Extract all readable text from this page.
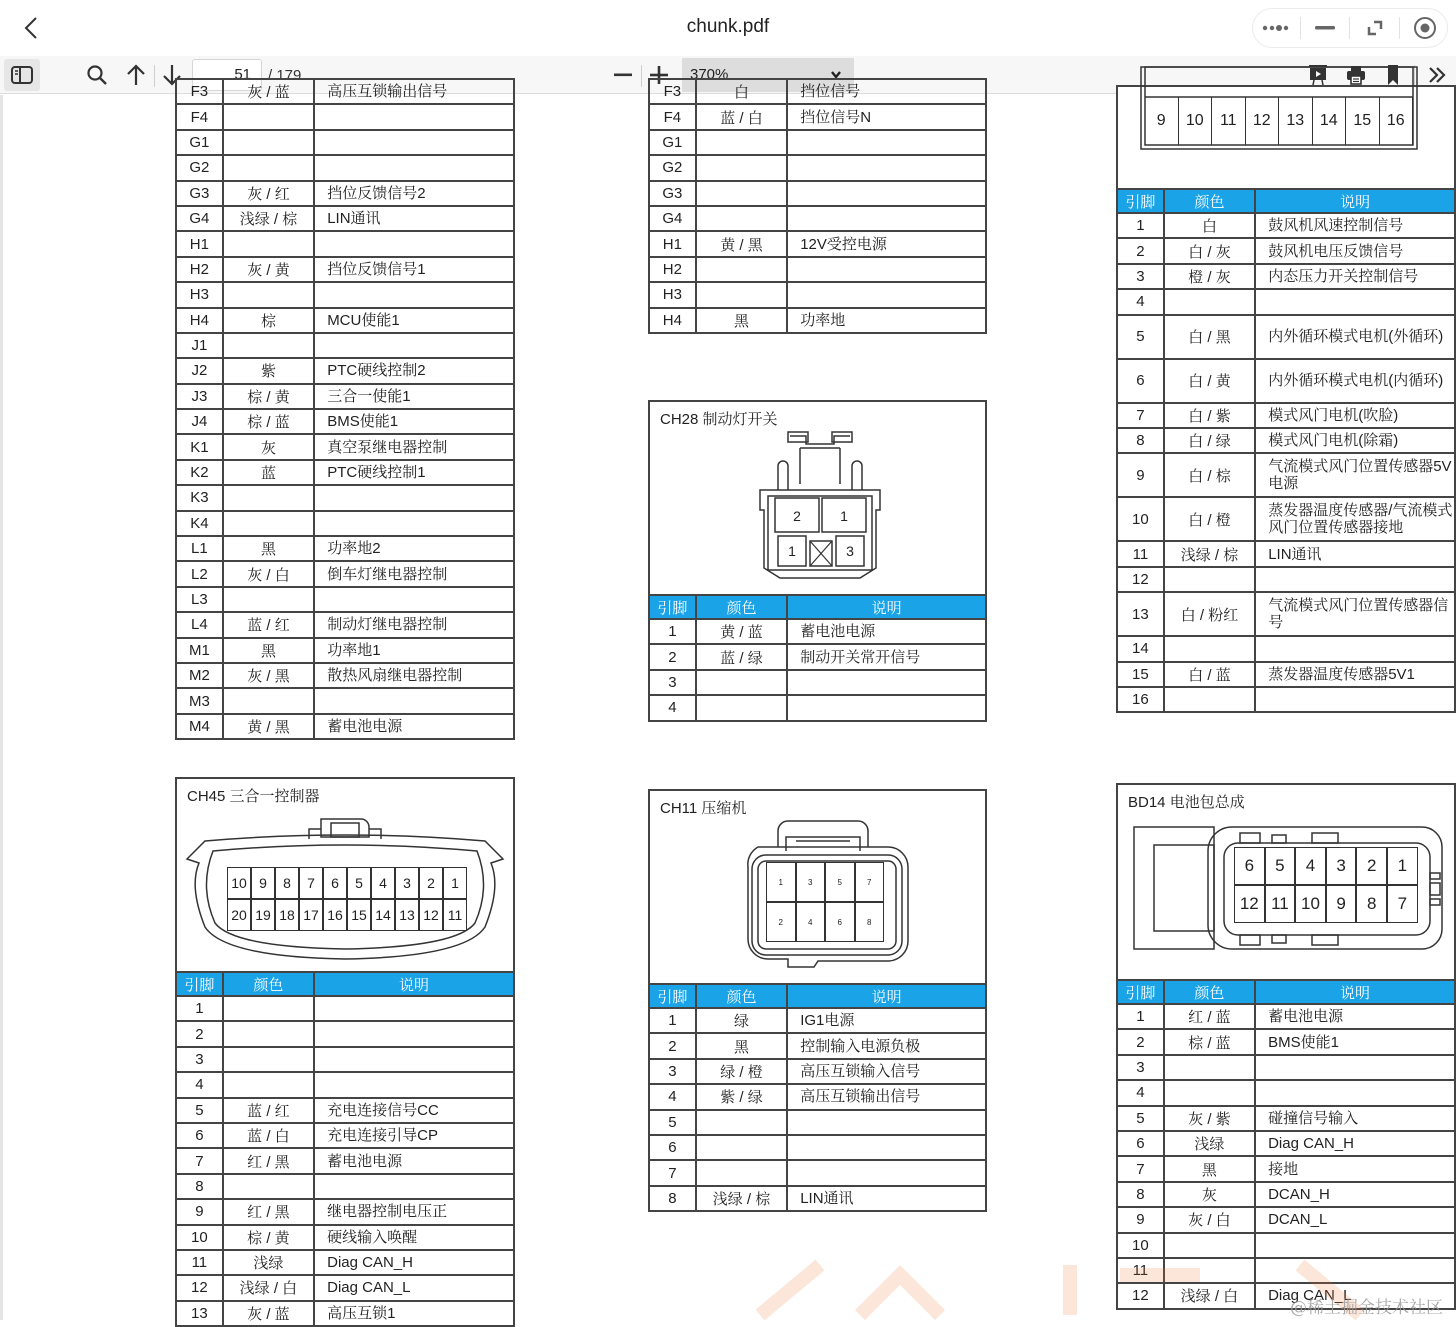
chunk.pdf
51	/ 179	370%
F3	灰 / 蓝	高压互锁输出信号
F4		
G1		
G2		
G3	灰 / 红	挡位反馈信号2
G4	浅绿 / 棕	LIN通讯
H1		
H2	灰 / 黄	挡位反馈信号1
H3		
H4	棕	MCU使能1
J1		
J2	紫	PTC硬线控制2
J3	棕 / 黄	三合一使能1
J4	棕 / 蓝	BMS使能1
K1	灰	真空泵继电器控制
K2	蓝	PTC硬线控制1
K3		
K4		
L1	黑	功率地2
L2	灰 / 白	倒车灯继电器控制
L3		
L4	蓝 / 红	制动灯继电器控制
M1	黑	功率地1
M2	灰 / 黑	散热风扇继电器控制
M3		
M4	黄 / 黑	蓄电池电源
F3	白	挡位信号
F4	蓝 / 白	挡位信号N
G1		
G2		
G3		
G4		
H1	黄 / 黑	12V受控电源
H2		
H3		
H4	黑	功率地
9	10	11	12 13 14 15 16
引脚	颜色	说明
1	白	鼓风机风速控制信号
2	白 / 灰	鼓风机电压反馈信号
3	橙 / 灰	内态压力开关控制信号
4		
5	白 / 黑	内外循环模式电机(外循环)
6	白 / 黄	内外循环模式电机(内循环)
7	白 / 紫	模式风门电机(吹脸)
8	白 / 绿	模式风门电机(除霜)
9	白 / 棕	气流模式风门位置传感器5V电源
10	白 / 橙	蒸发器温度传感器/气流模式风门位置传感器接地
11	浅绿 / 棕	LIN通讯
12		
13	白 / 粉红	气流模式风门位置传感器信号
14		
15	白 / 蓝	蒸发器温度传感器5V1
16		
CH28 制动灯开关
2	1
1	3
引脚	颜色	说明
1	黄 / 蓝	蓄电池电源
2	蓝 / 绿	制动开关常开信号
3		
4		
CH45 三合一控制器
10 9	8	7	6	5	4	3	2	1
20 19 18 17 16 15 14 13 12 11
引脚	颜色	说明
1		
2		
3		
4		
5	蓝 / 红	充电连接信号CC
6	蓝 / 白	充电连接引导CP
7	红 / 黑	蓄电池电源
8		
9	红 / 黑	继电器控制电压正
10	棕 / 黄	硬线输入唤醒
11	浅绿	Diag CAN_H
12	浅绿 / 白	Diag CAN_L
13	灰 / 蓝	高压互锁1
CH11 压缩机
1	3	5	7
2	4	6	8
引脚	颜色	说明
1	绿	IG1电源
2	黑	控制输入电源负极
3	绿 / 橙	高压互锁输入信号
4	紫 / 绿	高压互锁输出信号
5		
6		
7		
8	浅绿 / 棕	LIN通讯
BD14 电池包总成
6	5	4	3	2	1
12 11 10 9	8	7
引脚	颜色	说明
1	红 / 蓝	蓄电池电源
2	棕 / 蓝	BMS使能1
3		
4		
5	灰 / 紫	碰撞信号输入
6	浅绿	Diag CAN_H
7	黑	接地
8	灰	DCAN_H
9	灰 / 白	DCAN_L
10		
11		
12	浅绿 / 白	Diag CAN_L
@稀土掘金技术社区
